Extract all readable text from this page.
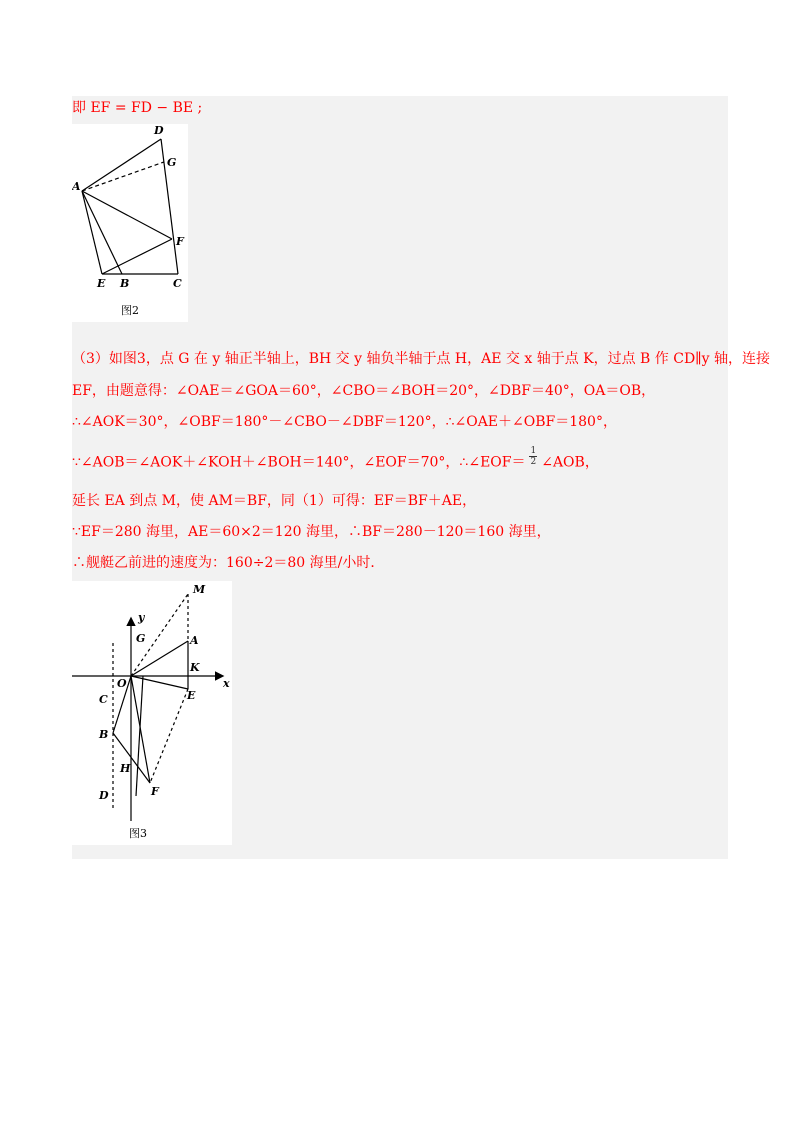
即 EF = FD − BE ;
D
G
A
F
E B	C
图2
（3）如图3，点 G 在 y 轴正半轴上，BH 交 y 轴负半轴于点 H，AE 交 x 轴于点 K，过点 B 作 CD∥y 轴，连接
EF，由题意得：∠OAE＝∠GOA＝60°，∠CBO＝∠BOH＝20°，∠DBF＝40°，OA＝OB，
∴∠AOK＝30°，∠OBF＝180°－∠CBO－∠DBF＝120°，∴∠OAE＋∠OBF＝180°，
∵∠AOB＝∠AOK＋∠KOH＋∠BOH＝140°，∠EOF＝70°，∴∠EOF＝ $\frac{1}{2}$ ∠AOB，
延长 EA 到点 M，使 AM＝BF，同（1）可得：EF＝BF＋AE，
∵EF＝280 海里，AE＝60×2＝120 海里，∴BF＝280－120＝160 海里，
∴舰艇乙前进的速度为：160÷2＝80 海里/小时．
M
y
G	A
K
O	x
E
C
B
H
F
D
图3
